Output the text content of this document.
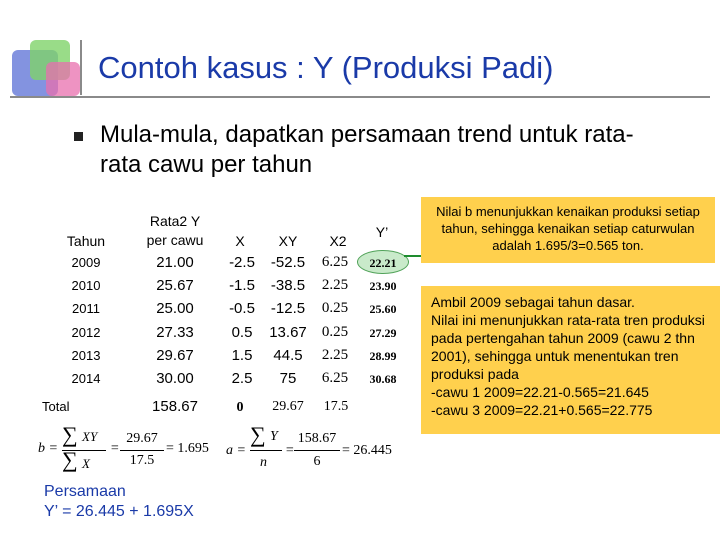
Contoh kasus : Y (Produksi Padi)
Mula-mula, dapatkan persamaan trend untuk rata-rata cawu per tahun
Tahun
Rata2 Y
per cawu	X	XY	X2
Y’
2009	21.00	-2.5	-52.5	6.25	22.21
2010	25.67	-1.5	-38.5	2.25	23.90
2011	25.00	-0.5	-12.5	0.25	25.60
2012	27.33	0.5	13.67	0.25	27.29
2013	29.67	1.5	44.5	2.25	28.99
2014	30.00	2.5	75	6.25	30.68
Total	158.67	0	29.67	17.5
b =
∑ XY
∑ X
=
29.67
17.5
= 1.695	a =
∑ Y
n
=
158.67
6
= 26.445
Persamaan
Y’ = 26.445 + 1.695X
Nilai b menunjukkan kenaikan produksi setiap tahun, sehingga kenaikan setiap caturwulan adalah 1.695/3=0.565 ton.
Ambil 2009 sebagai tahun dasar.
Nilai ini menunjukkan rata-rata tren produksi pada pertengahan tahun 2009 (cawu 2 thn 2001), sehingga untuk menentukan tren produksi pada
-cawu 1 2009=22.21-0.565=21.645
-cawu 3 2009=22.21+0.565=22.775
